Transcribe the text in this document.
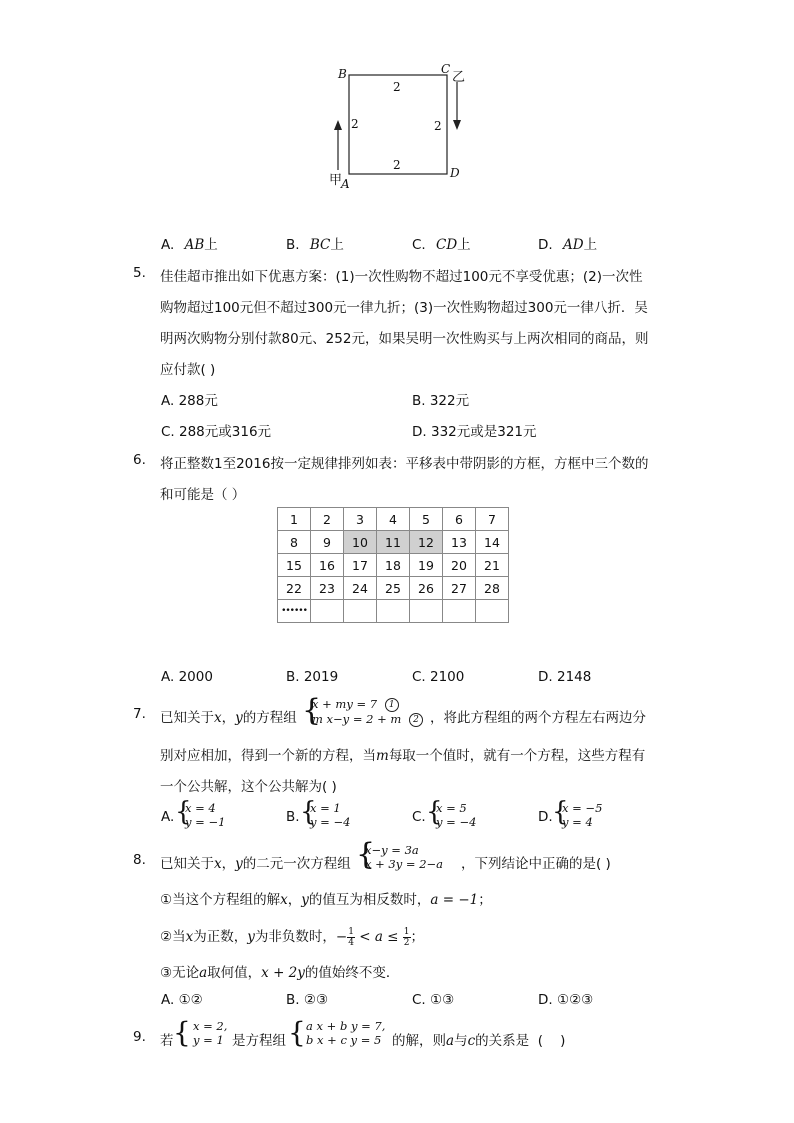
B	C
乙
A
甲	D
2
2	2
2
A. AB上	B. BC上	C. CD上	D. AD上
5. 佳佳超市推出如下优惠方案：(1)一次性购物不超过100元不享受优惠；(2)一次性
购物超过100元但不超过300元一律九折；(3)一次性购物超过300元一律八折．吴
明两次购物分别付款80元、252元，如果吴明一次性购买与上两次相同的商品，则
应付款( )
A. 288元	B. 322元
C. 288元或316元	D. 332元或是321元
6. 将正整数1至2016按一定规律排列如表：平移表中带阴影的方框，方框中三个数的
和可能是（ ）
1	2	3	4	5	6	7
8	9	10	11	12	13	14
15	16	17	18	19	20	21
22	23	24	25	26	27	28
••••••						
A. 2000	B. 2019	C. 2100	D. 2148
7. 已知关于x，y的方程组 {
x + my = 7 1
m x−y = 2 + m 2 ，将此方程组的两个方程左右两边分
别对应相加，得到一个新的方程，当m每取一个值时，就有一个方程，这些方程有
一个公共解，这个公共解为( )
A. {
x = 4
y = −1	B. {
x = 1
y = −4	C. {
x = 5
y = −4	D. {
x = −5
y = 4
8. 已知关于x，y的二元一次方程组 {
x−y = 3a
x + 3y = 2−a ，下列结论中正确的是( )
①当这个方程组的解x，y的值互为相反数时，a = −1；
②当x为正数，y为非负数时，− $\frac{1}{4} < a \le \frac{1}{2}$ ；
③无论a取何值，x + 2y的值始终不变．
A. ①②	B. ②③	C. ①③	D. ①②③
9. 若 { x = 2,
y = 1 是方程组 { a x + b y = 7,
b x + c y = 5 的解，则a与c的关系是  (    )
